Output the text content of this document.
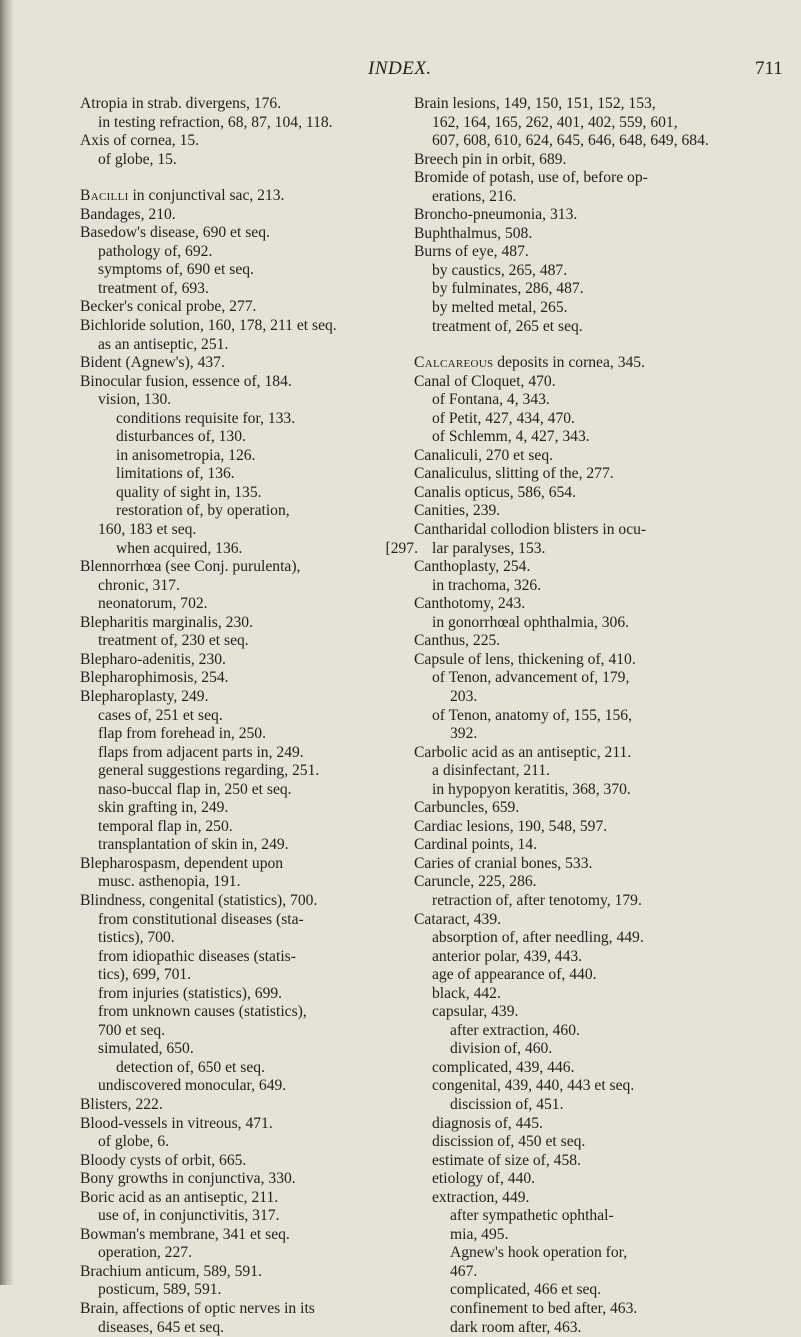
INDEX.	711
Atropia in strab. divergens, 176.
in testing refraction, 68, 87, 104, 118.
Axis of cornea, 15.
of globe, 15.
Bacilli in conjunctival sac, 213.
Bandages, 210.
Basedow's disease, 690 et seq.
pathology of, 692.
symptoms of, 690 et seq.
treatment of, 693.
Becker's conical probe, 277.
Bichloride solution, 160, 178, 211 et seq.
as an antiseptic, 251.
Bident (Agnew's), 437.
Binocular fusion, essence of, 184.
vision, 130.
conditions requisite for, 133.
disturbances of, 130.
in anisometropia, 126.
limitations of, 136.
quality of sight in, 135.
restoration of, by operation,
160, 183 et seq.
when acquired, 136.	[297.
Blennorrhœa (see Conj. purulenta),
chronic, 317.
neonatorum, 702.
Blepharitis marginalis, 230.
treatment of, 230 et seq.
Blepharo-adenitis, 230.
Blepharophimosis, 254.
Blepharoplasty, 249.
cases of, 251 et seq.
flap from forehead in, 250.
flaps from adjacent parts in, 249.
general suggestions regarding, 251.
naso-buccal flap in, 250 et seq.
skin grafting in, 249.
temporal flap in, 250.
transplantation of skin in, 249.
Blepharospasm, dependent upon
musc. asthenopia, 191.
Blindness, congenital (statistics), 700.
from constitutional diseases (sta-
tistics), 700.
from idiopathic diseases (statis-
tics), 699, 701.
from injuries (statistics), 699.
from unknown causes (statistics),
700 et seq.
simulated, 650.
detection of, 650 et seq.
undiscovered monocular, 649.
Blisters, 222.
Blood-vessels in vitreous, 471.
of globe, 6.
Bloody cysts of orbit, 665.
Bony growths in conjunctiva, 330.
Boric acid as an antiseptic, 211.
use of, in conjunctivitis, 317.
Bowman's membrane, 341 et seq.
operation, 227.
Brachium anticum, 589, 591.
posticum, 589, 591.
Brain, affections of optic nerves in its
diseases, 645 et seq.
Brain lesions, 149, 150, 151, 152, 153,
162, 164, 165, 262, 401, 402, 559, 601,
607, 608, 610, 624, 645, 646, 648, 649, 684.
Breech pin in orbit, 689.
Bromide of potash, use of, before op-
erations, 216.
Broncho-pneumonia, 313.
Buphthalmus, 508.
Burns of eye, 487.
by caustics, 265, 487.
by fulminates, 286, 487.
by melted metal, 265.
treatment of, 265 et seq.
Calcareous deposits in cornea, 345.
Canal of Cloquet, 470.
of Fontana, 4, 343.
of Petit, 427, 434, 470.
of Schlemm, 4, 427, 343.
Canaliculi, 270 et seq.
Canaliculus, slitting of the, 277.
Canalis opticus, 586, 654.
Canities, 239.
Cantharidal collodion blisters in ocu-
lar paralyses, 153.
Canthoplasty, 254.
in trachoma, 326.
Canthotomy, 243.
in gonorrhœal ophthalmia, 306.
Canthus, 225.
Capsule of lens, thickening of, 410.
of Tenon, advancement of, 179,
203.
of Tenon, anatomy of, 155, 156,
392.
Carbolic acid as an antiseptic, 211.
a disinfectant, 211.
in hypopyon keratitis, 368, 370.
Carbuncles, 659.
Cardiac lesions, 190, 548, 597.
Cardinal points, 14.
Caries of cranial bones, 533.
Caruncle, 225, 286.
retraction of, after tenotomy, 179.
Cataract, 439.
absorption of, after needling, 449.
anterior polar, 439, 443.
age of appearance of, 440.
black, 442.
capsular, 439.
after extraction, 460.
division of, 460.
complicated, 439, 446.
congenital, 439, 440, 443 et seq.
discission of, 451.
diagnosis of, 445.
discission of, 450 et seq.
estimate of size of, 458.
etiology of, 440.
extraction, 449.
after sympathetic ophthal-
mia, 495.
Agnew's hook operation for,
467.
complicated, 466 et seq.
confinement to bed after, 463.
dark room after, 463.
